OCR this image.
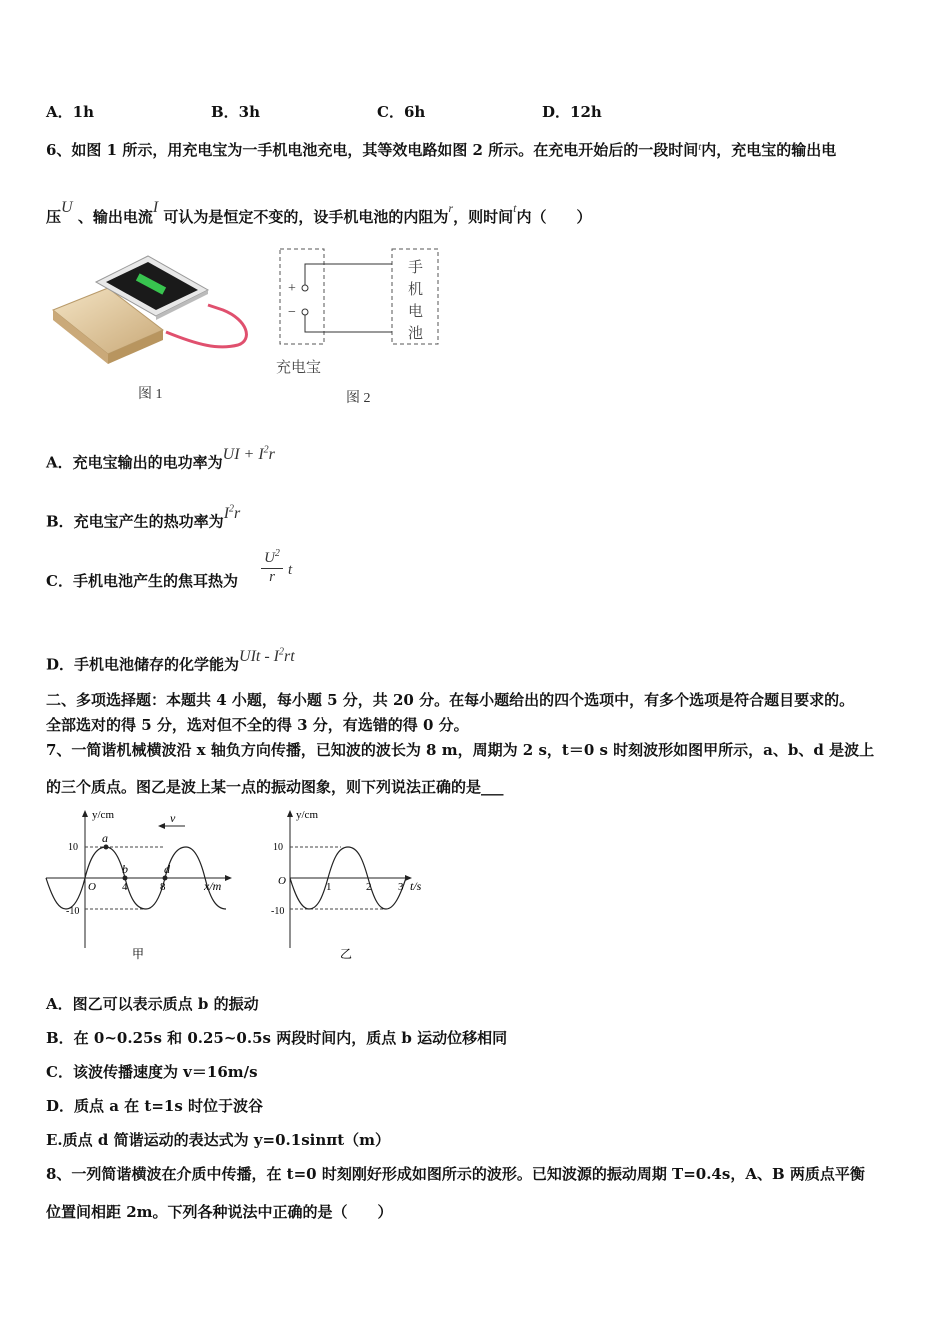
A．1h	B．3h	C．6h	D．12h
6、如图 1 所示，用充电宝为一手机电池充电，其等效电路如图 2 所示。在充电开始后的一段时间$^t$内，充电宝的输出电
压U 、输出电流I 可认为是恒定不变的，设手机电池的内阻为$^r$，则时间$^t$内（　　）
图 1
+
−
手
机
电
池
充电宝
图 2
A．充电宝输出的电功率为UI + $I^2r$
B．充电宝产生的热功率为$I^2r$
C．手机电池产生的焦耳热为 $\frac{U^2}{r}$ t
D．手机电池储存的化学能为UIt - $I^2rt$
二、多项选择题：本题共 4 小题，每小题 5 分，共 20 分。在每小题给出的四个选项中，有多个选项是符合题目要求的。
全部选对的得 5 分，选对但不全的得 3 分，有选错的得 0 分。
7、一简谐机械横波沿 x 轴负方向传播，已知波的波长为 8 m，周期为 2 s，t＝0 s 时刻波形如图甲所示，a、b、d 是波上
的三个质点。图乙是波上某一点的振动图象，则下列说法正确的是___
y/cm
x/m
10
-10
O 4	8
a
b	d
v
甲
y/cm
t/s
10
-10
O	1	2 3
乙
A．图乙可以表示质点 b 的振动
B．在 0~0.25s 和 0.25~0.5s 两段时间内，质点 b 运动位移相同
C．该波传播速度为 v＝16m/s
D．质点 a 在 t=1s 时位于波谷
E.质点 d 简谐运动的表达式为 y=0.1sinπt（m）
8、一列简谐横波在介质中传播，在 t=0 时刻刚好形成如图所示的波形。已知波源的振动周期 T=0.4s，A、B 两质点平衡
位置间相距 2m。下列各种说法中正确的是（　　）
